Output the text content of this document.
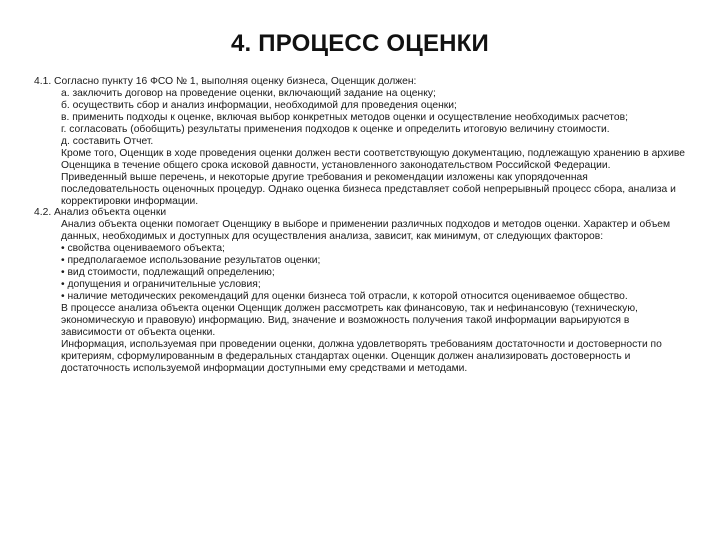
4. ПРОЦЕСС ОЦЕНКИ

4.1. Согласно пункту 16 ФСО № 1, выполняя оценку бизнеса, Оценщик должен:

а. заключить договор на проведение оценки, включающий задание на оценку;

б. осуществить сбор и анализ информации, необходимой для проведения оценки;

в. применить подходы к оценке, включая выбор конкретных методов оценки и осуществление необходимых расчетов;

г. согласовать (обобщить) результаты применения подходов к оценке и определить итоговую величину стоимости.

д. составить Отчет.

Кроме того, Оценщик в ходе проведения оценки должен вести соответствующую документацию, подлежащую хранению в архиве Оценщика в течение общего срока исковой давности, установленного законодательством Российской Федерации.

Приведенный выше перечень, и некоторые другие требования и рекомендации изложены как упорядоченная последовательность оценочных процедур. Однако оценка бизнеса представляет собой непрерывный процесс сбора, анализа и корректировки информации.

4.2. Анализ объекта оценки

Анализ объекта оценки помогает Оценщику в выборе и применении различных подходов и методов оценки. Характер и объем данных, необходимых и доступных для осуществления анализа, зависит, как минимум, от следующих факторов:

• свойства оцениваемого объекта;

• предполагаемое использование результатов оценки;

• вид стоимости, подлежащий определению;

• допущения и ограничительные условия;

• наличие методических рекомендаций для оценки бизнеса той отрасли, к которой относится оцениваемое общество.

В процессе анализа объекта оценки Оценщик должен рассмотреть как финансовую, так и нефинансовую (техническую, экономическую и правовую) информацию. Вид, значение и возможность получения такой информации варьируются в зависимости от объекта оценки.

Информация, используемая при проведении оценки, должна удовлетворять требованиям достаточности и достоверности по критериям, сформулированным в федеральных стандартах оценки. Оценщик должен анализировать достоверность и достаточность используемой информации доступными ему средствами и методами.
